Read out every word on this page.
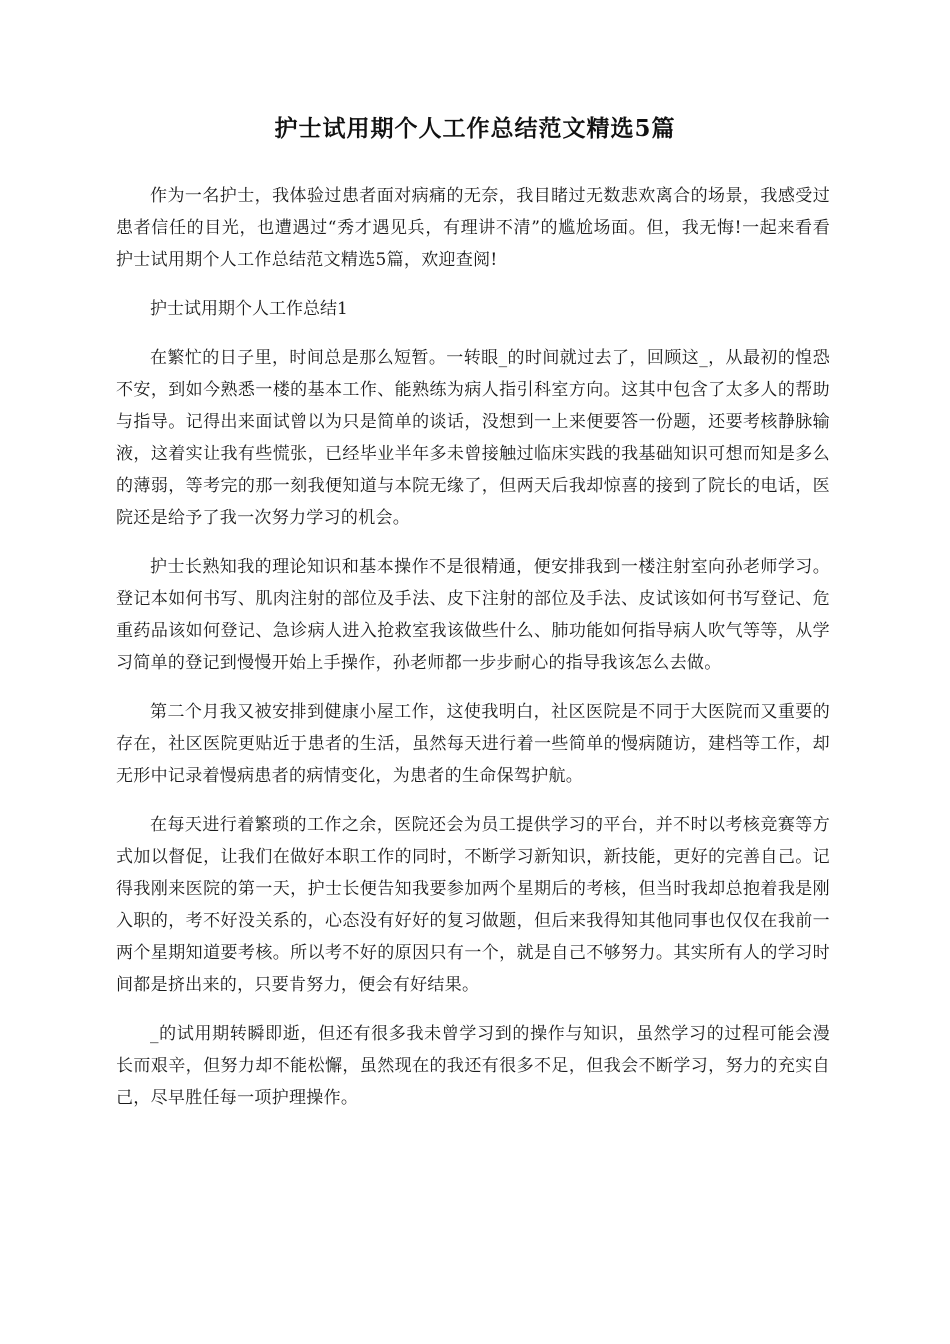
护士试用期个人工作总结范文精选5篇

作为一名护士，我体验过患者面对病痛的无奈，我目睹过无数悲欢离合的场景，我感受过患者信任的目光，也遭遇过“秀才遇见兵，有理讲不清”的尴尬场面。但，我无悔!一起来看看护士试用期个人工作总结范文精选5篇，欢迎查阅!

护士试用期个人工作总结1

在繁忙的日子里，时间总是那么短暂。一转眼_的时间就过去了，回顾这_，从最初的惶恐不安，到如今熟悉一楼的基本工作、能熟练为病人指引科室方向。这其中包含了太多人的帮助与指导。记得出来面试曾以为只是简单的谈话，没想到一上来便要答一份题，还要考核静脉输液，这着实让我有些慌张，已经毕业半年多未曾接触过临床实践的我基础知识可想而知是多么的薄弱，等考完的那一刻我便知道与本院无缘了，但两天后我却惊喜的接到了院长的电话，医院还是给予了我一次努力学习的机会。

护士长熟知我的理论知识和基本操作不是很精通，便安排我到一楼注射室向孙老师学习。登记本如何书写、肌肉注射的部位及手法、皮下注射的部位及手法、皮试该如何书写登记、危重药品该如何登记、急诊病人进入抢救室我该做些什么、肺功能如何指导病人吹气等等，从学习简单的登记到慢慢开始上手操作，孙老师都一步步耐心的指导我该怎么去做。

第二个月我又被安排到健康小屋工作，这使我明白，社区医院是不同于大医院而又重要的存在，社区医院更贴近于患者的生活，虽然每天进行着一些简单的慢病随访，建档等工作，却无形中记录着慢病患者的病情变化，为患者的生命保驾护航。

在每天进行着繁琐的工作之余，医院还会为员工提供学习的平台，并不时以考核竞赛等方式加以督促，让我们在做好本职工作的同时，不断学习新知识，新技能，更好的完善自己。记得我刚来医院的第一天，护士长便告知我要参加两个星期后的考核，但当时我却总抱着我是刚入职的，考不好没关系的，心态没有好好的复习做题，但后来我得知其他同事也仅仅在我前一两个星期知道要考核。所以考不好的原因只有一个，就是自己不够努力。其实所有人的学习时间都是挤出来的，只要肯努力，便会有好结果。

_的试用期转瞬即逝，但还有很多我未曾学习到的操作与知识，虽然学习的过程可能会漫长而艰辛，但努力却不能松懈，虽然现在的我还有很多不足，但我会不断学习，努力的充实自己，尽早胜任每一项护理操作。
